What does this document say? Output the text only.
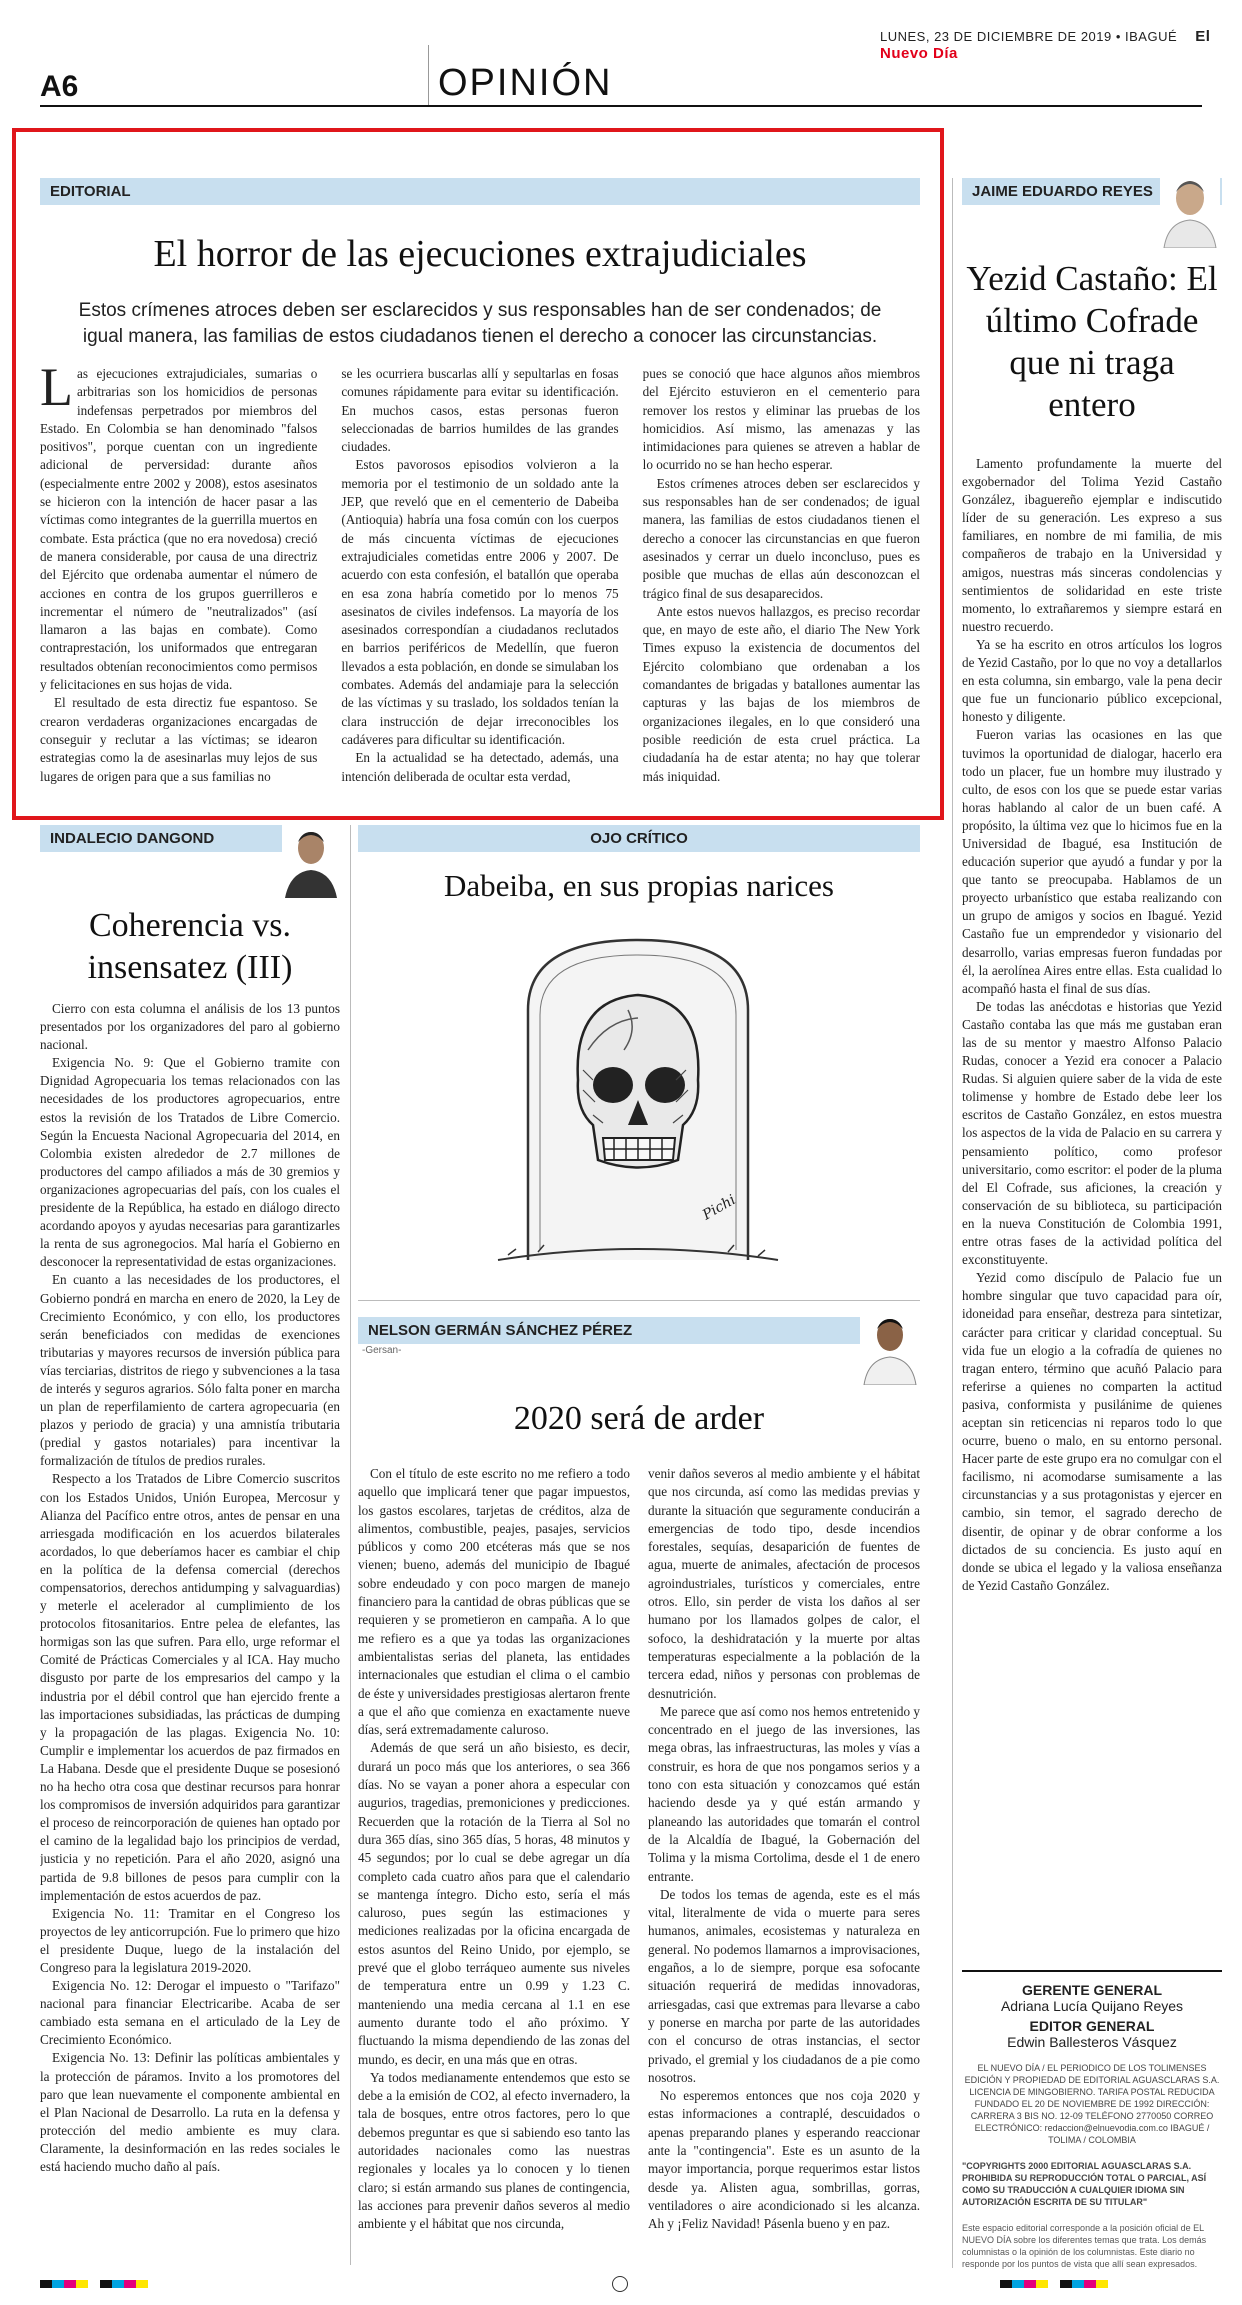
LUNES, 23 DE DICIEMBRE DE 2019 • IBAGUÉ El Nuevo Día
A6	OPINIÓN
EDITORIAL
El horror de las ejecuciones extrajudiciales
Estos crímenes atroces deben ser esclarecidos y sus responsables han de ser condenados; de igual manera, las familias de estos ciudadanos tienen el derecho a conocer las circunstancias.

Las ejecuciones extrajudiciales, sumarias o arbitrarias son los homicidios de personas indefensas perpetrados por miembros del Estado. En Colombia se han denominado "falsos positivos", porque cuentan con un ingrediente adicional de perversidad: durante años (especialmente entre 2002 y 2008), estos asesinatos se hicieron con la intención de hacer pasar a las víctimas como integrantes de la guerrilla muertos en combate. Esta práctica (que no era novedosa) creció de manera considerable, por causa de una directriz del Ejército que ordenaba aumentar el número de acciones en contra de los grupos guerrilleros e incrementar el número de "neutralizados" (así llamaron a las bajas en combate). Como contraprestación, los uniformados que entregaran resultados obtenían reconocimientos como permisos y felicitaciones en sus hojas de vida.

El resultado de esta directiz fue espantoso. Se crearon verdaderas organizaciones encargadas de conseguir y reclutar a las víctimas; se idearon estrategias como la de asesinarlas muy lejos de sus lugares de origen para que a sus familias no

se les ocurriera buscarlas allí y sepultarlas en fosas comunes rápidamente para evitar su identificación. En muchos casos, estas personas fueron seleccionadas de barrios humildes de las grandes ciudades.

Estos pavorosos episodios volvieron a la memoria por el testimonio de un soldado ante la JEP, que reveló que en el cementerio de Dabeiba (Antioquia) habría una fosa común con los cuerpos de más cincuenta víctimas de ejecuciones extrajudiciales cometidas entre 2006 y 2007. De acuerdo con esta confesión, el batallón que operaba en esa zona habría cometido por lo menos 75 asesinatos de civiles indefensos. La mayoría de los asesinados correspondían a ciudadanos reclutados en barrios periféricos de Medellín, que fueron llevados a esta población, en donde se simulaban los combates. Además del andamiaje para la selección de las víctimas y su traslado, los soldados tenían la clara instrucción de dejar irreconocibles los cadáveres para dificultar su identificación.

En la actualidad se ha detectado, además, una intención deliberada de ocultar esta verdad,

pues se conoció que hace algunos años miembros del Ejército estuvieron en el cementerio para remover los restos y eliminar las pruebas de los homicidios. Así mismo, las amenazas y las intimidaciones para quienes se atreven a hablar de lo ocurrido no se han hecho esperar.

Estos crímenes atroces deben ser esclarecidos y sus responsables han de ser condenados; de igual manera, las familias de estos ciudadanos tienen el derecho a conocer las circunstancias en que fueron asesinados y cerrar un duelo inconcluso, pues es posible que muchas de ellas aún desconozcan el trágico final de sus desaparecidos.

Ante estos nuevos hallazgos, es preciso recordar que, en mayo de este año, el diario The New York Times expuso la existencia de documentos del Ejército colombiano que ordenaban a los comandantes de brigadas y batallones aumentar las capturas y las bajas de los miembros de organizaciones ilegales, en lo que consideró una posible reedición de esta cruel práctica. La ciudadanía ha de estar atenta; no hay que tolerar más iniquidad.

JAIME EDUARDO REYES
Yezid Castaño: El último Cofrade que ni traga entero

Lamento profundamente la muerte del exgobernador del Tolima Yezid Castaño González, ibaguereño ejemplar e indiscutido líder de su generación. Les expreso a sus familiares, en nombre de mi familia, de mis compañeros de trabajo en la Universidad y amigos, nuestras más sinceras condolencias y sentimientos de solidaridad en este triste momento, lo extrañaremos y siempre estará en nuestro recuerdo.

Ya se ha escrito en otros artículos los logros de Yezid Castaño, por lo que no voy a detallarlos en esta columna, sin embargo, vale la pena decir que fue un funcionario público excepcional, honesto y diligente.

Fueron varias las ocasiones en las que tuvimos la oportunidad de dialogar, hacerlo era todo un placer, fue un hombre muy ilustrado y culto, de esos con los que se puede estar varias horas hablando al calor de un buen café. A propósito, la última vez que lo hicimos fue en la Universidad de Ibagué, esa Institución de educación superior que ayudó a fundar y por la que tanto se preocupaba. Hablamos de un proyecto urbanístico que estaba realizando con un grupo de amigos y socios en Ibagué. Yezid Castaño fue un emprendedor y visionario del desarrollo, varias empresas fueron fundadas por él, la aerolínea Aires entre ellas. Esta cualidad lo acompañó hasta el final de sus días.

De todas las anécdotas e historias que Yezid Castaño contaba las que más me gustaban eran las de su mentor y maestro Alfonso Palacio Rudas, conocer a Yezid era conocer a Palacio Rudas. Si alguien quiere saber de la vida de este tolimense y hombre de Estado debe leer los escritos de Castaño González, en estos muestra los aspectos de la vida de Palacio en su carrera y pensamiento político, como profesor universitario, como escritor: el poder de la pluma del El Cofrade, sus aficiones, la creación y conservación de su biblioteca, su participación en la nueva Constitución de Colombia 1991, entre otras fases de la actividad política del exconstituyente.

Yezid como discípulo de Palacio fue un hombre singular que tuvo capacidad para oír, idoneidad para enseñar, destreza para sintetizar, carácter para criticar y claridad conceptual. Su vida fue un elogio a la cofradía de quienes no tragan entero, término que acuñó Palacio para referirse a quienes no comparten la actitud pasiva, conformista y pusilánime de quienes aceptan sin reticencias ni reparos todo lo que ocurre, bueno o malo, en su entorno personal. Hacer parte de este grupo era no comulgar con el facilismo, ni acomodarse sumisamente a las circunstancias y a sus protagonistas y ejercer en cambio, sin temor, el sagrado derecho de disentir, de opinar y de obrar conforme a los dictados de su conciencia. Es justo aquí en donde se ubica el legado y la valiosa enseñanza de Yezid Castaño González.

INDALECIO DANGOND
Coherencia vs. insensatez (III)

Cierro con esta columna el análisis de los 13 puntos presentados por los organizadores del paro al gobierno nacional.

Exigencia No. 9: Que el Gobierno tramite con Dignidad Agropecuaria los temas relacionados con las necesidades de los productores agropecuarios, entre estos la revisión de los Tratados de Libre Comercio. Según la Encuesta Nacional Agropecuaria del 2014, en Colombia existen alrededor de 2.7 millones de productores del campo afiliados a más de 30 gremios y organizaciones agropecuarias del país, con los cuales el presidente de la República, ha estado en diálogo directo acordando apoyos y ayudas necesarias para garantizarles la renta de sus agronegocios. Mal haría el Gobierno en desconocer la representatividad de estas organizaciones.

En cuanto a las necesidades de los productores, el Gobierno pondrá en marcha en enero de 2020, la Ley de Crecimiento Económico, y con ello, los productores serán beneficiados con medidas de exenciones tributarias y mayores recursos de inversión pública para vías terciarias, distritos de riego y subvenciones a la tasa de interés y seguros agrarios. Sólo falta poner en marcha un plan de reperfilamiento de cartera agropecuaria (en plazos y periodo de gracia) y una amnistía tributaria (predial y gastos notariales) para incentivar la formalización de títulos de predios rurales.

Respecto a los Tratados de Libre Comercio suscritos con los Estados Unidos, Unión Europea, Mercosur y Alianza del Pacífico entre otros, antes de pensar en una arriesgada modificación en los acuerdos bilaterales acordados, lo que deberíamos hacer es cambiar el chip en la política de la defensa comercial (derechos compensatorios, derechos antidumping y salvaguardias) y meterle el acelerador al cumplimiento de los protocolos fitosanitarios. Entre pelea de elefantes, las hormigas son las que sufren. Para ello, urge reformar el Comité de Prácticas Comerciales y al ICA. Hay mucho disgusto por parte de los empresarios del campo y la industria por el débil control que han ejercido frente a las importaciones subsidiadas, las prácticas de dumping y la propagación de las plagas. Exigencia No. 10: Cumplir e implementar los acuerdos de paz firmados en La Habana. Desde que el presidente Duque se posesionó no ha hecho otra cosa que destinar recursos para honrar los compromisos de inversión adquiridos para garantizar el proceso de reincorporación de quienes han optado por el camino de la legalidad bajo los principios de verdad, justicia y no repetición. Para el año 2020, asignó una partida de 9.8 billones de pesos para cumplir con la implementación de estos acuerdos de paz.

Exigencia No. 11: Tramitar en el Congreso los proyectos de ley anticorrupción. Fue lo primero que hizo el presidente Duque, luego de la instalación del Congreso para la legislatura 2019-2020.

Exigencia No. 12: Derogar el impuesto o "Tarifazo" nacional para financiar Electricaribe. Acaba de ser cambiado esta semana en el articulado de la Ley de Crecimiento Económico.

Exigencia No. 13: Definir las políticas ambientales y la protección de páramos. Invito a los promotores del paro que lean nuevamente el componente ambiental en el Plan Nacional de Desarrollo. La ruta en la defensa y protección del medio ambiente es muy clara. Claramente, la desinformación en las redes sociales le está haciendo mucho daño al país.

OJO CRÍTICO
Dabeiba, en sus propias narices
Pichi
NELSON GERMÁN SÁNCHEZ PÉREZ
-Gersan-
2020 será de arder

Con el título de este escrito no me refiero a todo aquello que implicará tener que pagar impuestos, los gastos escolares, tarjetas de créditos, alza de alimentos, combustible, peajes, pasajes, servicios públicos y como 200 etcéteras más que se nos vienen; bueno, además del municipio de Ibagué sobre endeudado y con poco margen de manejo financiero para la cantidad de obras públicas que se requieren y se prometieron en campaña. A lo que me refiero es a que ya todas las organizaciones ambientalistas serias del planeta, las entidades internacionales que estudian el clima o el cambio de éste y universidades prestigiosas alertaron frente a que el año que comienza en exactamente nueve días, será extremadamente caluroso.

Además de que será un año bisiesto, es decir, durará un poco más que los anteriores, o sea 366 días. No se vayan a poner ahora a especular con augurios, tragedias, premoniciones y predicciones. Recuerden que la rotación de la Tierra al Sol no dura 365 días, sino 365 días, 5 horas, 48 minutos y 45 segundos; por lo cual se debe agregar un día completo cada cuatro años para que el calendario se mantenga íntegro. Dicho esto, sería el más caluroso, pues según las estimaciones y mediciones realizadas por la oficina encargada de estos asuntos del Reino Unido, por ejemplo, se prevé que el globo terráqueo aumente sus niveles de temperatura entre un 0.99 y 1.23 C. manteniendo una media cercana al 1.1 en ese aumento durante todo el año próximo. Y fluctuando la misma dependiendo de las zonas del mundo, es decir, en una más que en otras.

Ya todos medianamente entendemos que esto se debe a la emisión de CO2, al efecto invernadero, la tala de bosques, entre otros factores, pero lo que debemos preguntar es que si sabiendo eso tanto las autoridades nacionales como las nuestras regionales y locales ya lo conocen y lo tienen claro; si están armando sus planes de contingencia, las acciones para prevenir daños severos al medio ambiente y el hábitat que nos circunda,

venir daños severos al medio ambiente y el hábitat que nos circunda, así como las medidas previas y durante la situación que seguramente conducirán a emergencias de todo tipo, desde incendios forestales, sequías, desaparición de fuentes de agua, muerte de animales, afectación de procesos agroindustriales, turísticos y comerciales, entre otros. Ello, sin perder de vista los daños al ser humano por los llamados golpes de calor, el sofoco, la deshidratación y la muerte por altas temperaturas especialmente a la población de la tercera edad, niños y personas con problemas de desnutrición.

Me parece que así como nos hemos entretenido y concentrado en el juego de las inversiones, las mega obras, las infraestructuras, las moles y vías a construir, es hora de que nos pongamos serios y a tono con esta situación y conozcamos qué están haciendo desde ya y qué están armando y planeando las autoridades que tomarán el control de la Alcaldía de Ibagué, la Gobernación del Tolima y la misma Cortolima, desde el 1 de enero entrante.

De todos los temas de agenda, este es el más vital, literalmente de vida o muerte para seres humanos, animales, ecosistemas y naturaleza en general. No podemos llamarnos a improvisaciones, engaños, a lo de siempre, porque esa sofocante situación requerirá de medidas innovadoras, arriesgadas, casi que extremas para llevarse a cabo y ponerse en marcha por parte de las autoridades con el concurso de otras instancias, el sector privado, el gremial y los ciudadanos de a pie como nosotros.

No esperemos entonces que nos coja 2020 y estas informaciones a contraplé, descuidados o apenas preparando planes y esperando reaccionar ante la "contingencia". Este es un asunto de la mayor importancia, porque requerimos estar listos desde ya. Alisten agua, sombrillas, gorras, ventiladores o aire acondicionado si les alcanza. Ah y ¡Feliz Navidad! Pásenla bueno y en paz.

GERENTE GENERAL
Adriana Lucía Quijano Reyes
EDITOR GENERAL
Edwin Ballesteros Vásquez
EL NUEVO DÍA / EL PERIODICO DE LOS TOLIMENSES EDICIÓN Y PROPIEDAD DE EDITORIAL AGUASCLARAS S.A. LICENCIA DE MINGOBIERNO. TARIFA POSTAL REDUCIDA FUNDADO EL 20 DE NOVIEMBRE DE 1992 DIRECCIÓN: CARRERA 3 BIS NO. 12-09 TELÉFONO 2770050 CORREO ELECTRÓNICO: redaccion@elnuevodia.com.co IBAGUÉ / TOLIMA / COLOMBIA
"COPYRIGHTS 2000 EDITORIAL AGUASCLARAS S.A. PROHIBIDA SU REPRODUCCIÓN TOTAL O PARCIAL, ASÍ COMO SU TRADUCCIÓN A CUALQUIER IDIOMA SIN AUTORIZACIÓN ESCRITA DE SU TITULAR"
Este espacio editorial corresponde a la posición oficial de EL NUEVO DÍA sobre los diferentes temas que trata. Los demás columnistas o la opinión de los columnistas. Este diario no responde por los puntos de vista que allí sean expresados.
